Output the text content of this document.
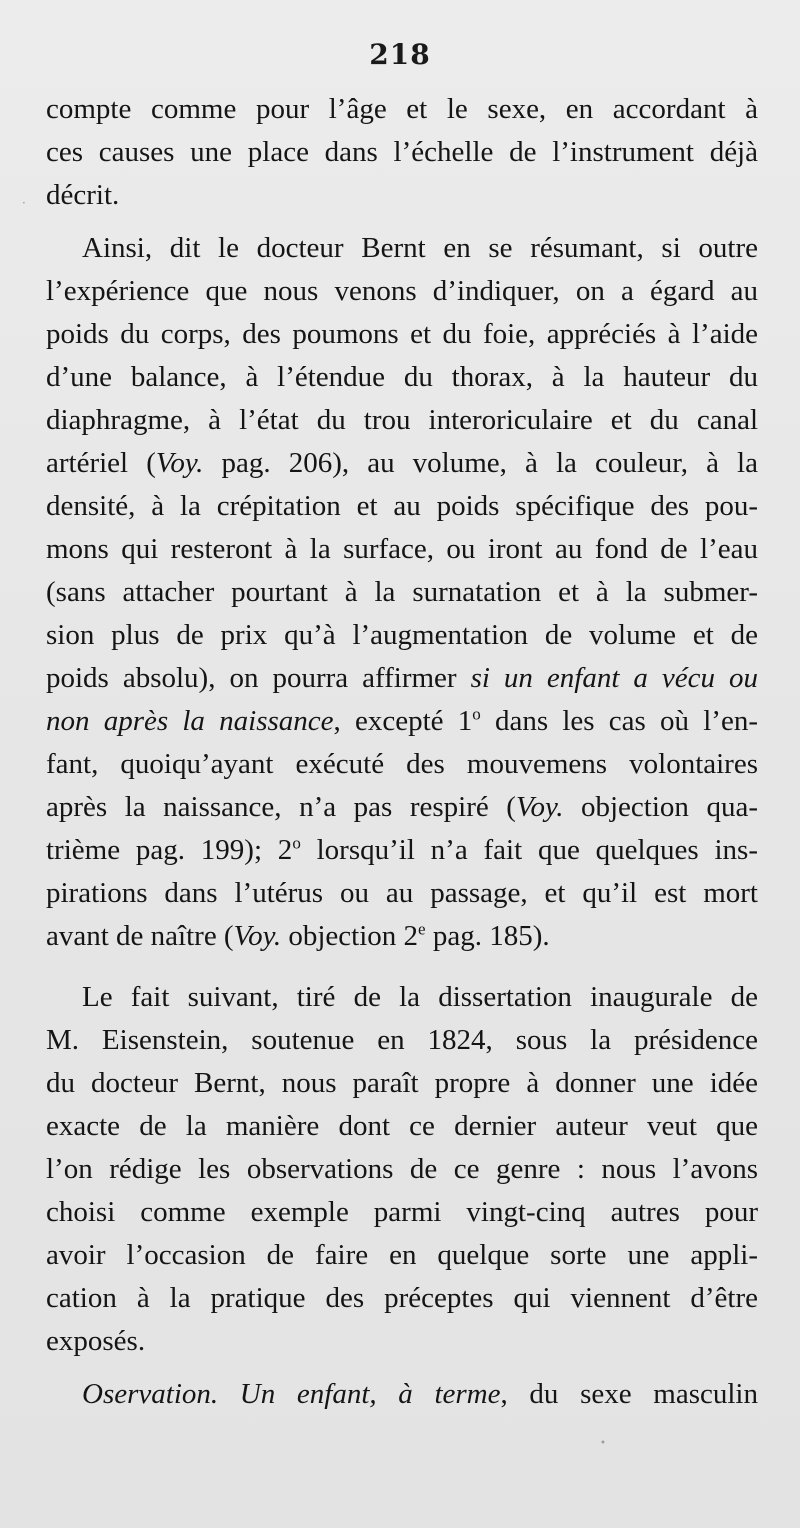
218
compte comme pour l’âge et le sexe, en accordant à
ces causes une place dans l’échelle de l’instrument déjà
décrit.
Ainsi, dit le docteur Bernt en se résumant, si outre
l’expérience que nous venons d’indiquer, on a égard au
poids du corps, des poumons et du foie, appréciés à l’aide
d’une balance, à l’étendue du thorax, à la hauteur du
diaphragme, à l’état du trou interoriculaire et du canal
artériel (Voy. pag. 206), au volume, à la couleur, à la
densité, à la crépitation et au poids spécifique des pou-
mons qui resteront à la surface, ou iront au fond de l’eau
(sans attacher pourtant à la surnatation et à la submer-
sion plus de prix qu’à l’augmentation de volume et de
poids absolu), on pourra affirmer si un enfant a vécu ou
non après la naissance, excepté 1$^o$ dans les cas où l’en-
fant, quoiqu’ayant exécuté des mouvemens volontaires
après la naissance, n’a pas respiré (Voy. objection qua-
trième pag. 199); 2$^o$ lorsqu’il n’a fait que quelques ins-
pirations dans l’utérus ou au passage, et qu’il est mort
avant de naître (Voy. objection 2e pag. 185).
Le fait suivant, tiré de la dissertation inaugurale de
M. Eisenstein, soutenue en 1824, sous la présidence
du docteur Bernt, nous paraît propre à donner une idée
exacte de la manière dont ce dernier auteur veut que
l’on rédige les observations de ce genre : nous l’avons
choisi comme exemple parmi vingt-cinq autres pour
avoir l’occasion de faire en quelque sorte une appli-
cation à la pratique des préceptes qui viennent d’être
exposés.
Oservation. Un enfant, à terme, du sexe masculin
•
·
